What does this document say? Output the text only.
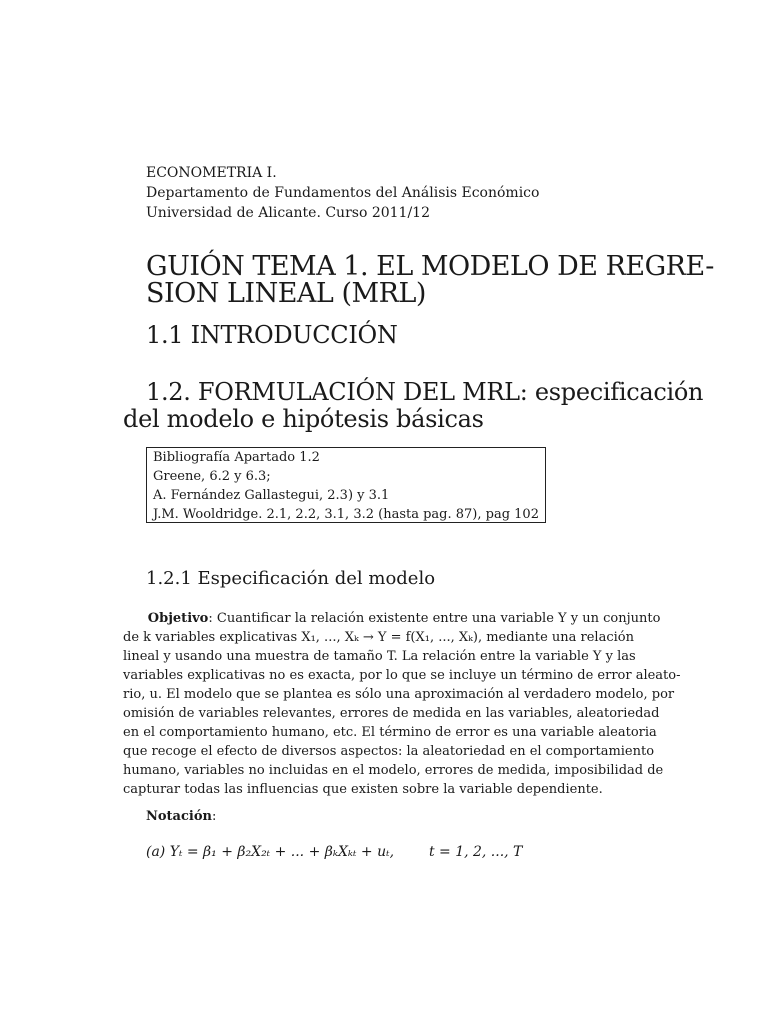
ECONOMETRIA I.
Departamento de Fundamentos del Análisis Económico
Universidad de Alicante. Curso 2011/12
GUIÓN TEMA 1. EL MODELO DE REGRE-
SION LINEAL (MRL)
1.1 INTRODUCCIÓN
1.2. FORMULACIÓN DEL MRL: especificación
del modelo e hipótesis básicas
Bibliografía Apartado 1.2
Greene, 6.2 y 6.3;
A. Fernández Gallastegui, 2.3) y 3.1
J.M. Wooldridge. 2.1, 2.2, 3.1, 3.2 (hasta pag. 87), pag 102
1.2.1 Especificación del modelo
Objetivo: Cuantificar la relación existente entre una variable Y y un conjunto
de k variables explicativas X₁, ..., Xₖ → Y = f(X₁, ..., Xₖ), mediante una relación
lineal y usando una muestra de tamaño T. La relación entre la variable Y y las
variables explicativas no es exacta, por lo que se incluye un término de error aleato-
rio, u. El modelo que se plantea es sólo una aproximación al verdadero modelo, por
omisión de variables relevantes, errores de medida en las variables, aleatoriedad
en el comportamiento humano, etc. El término de error es una variable aleatoria
que recoge el efecto de diversos aspectos: la aleatoriedad en el comportamiento
humano, variables no incluidas en el modelo, errores de medida, imposibilidad de
capturar todas las influencias que existen sobre la variable dependiente.
Notación:
(a) Yₜ = β₁ + β₂X₂ₜ + ... + βₖXₖₜ + uₜ, t = 1, 2, ..., T
